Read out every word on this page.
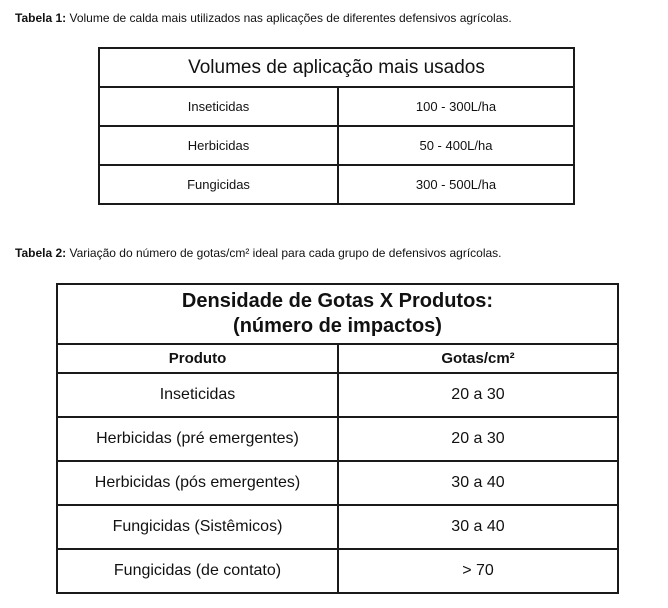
Tabela 1: Volume de calda mais utilizados nas aplicações de diferentes defensivos agrícolas.
Volumes de aplicação mais usados	
Inseticidas	100 - 300L/ha
Herbicidas	50 - 400L/ha
Fungicidas	300 - 500L/ha
Tabela 2: Variação do número de gotas/cm² ideal para cada grupo de defensivos agrícolas.
Densidade de Gotas X Produtos:
(número de impactos)	

Produto	Gotas/cm²
Inseticidas	20 a 30
Herbicidas (pré emergentes)	20 a 30
Herbicidas (pós emergentes)	30 a 40
Fungicidas (Sistêmicos)	30 a 40
Fungicidas (de contato)	> 70
